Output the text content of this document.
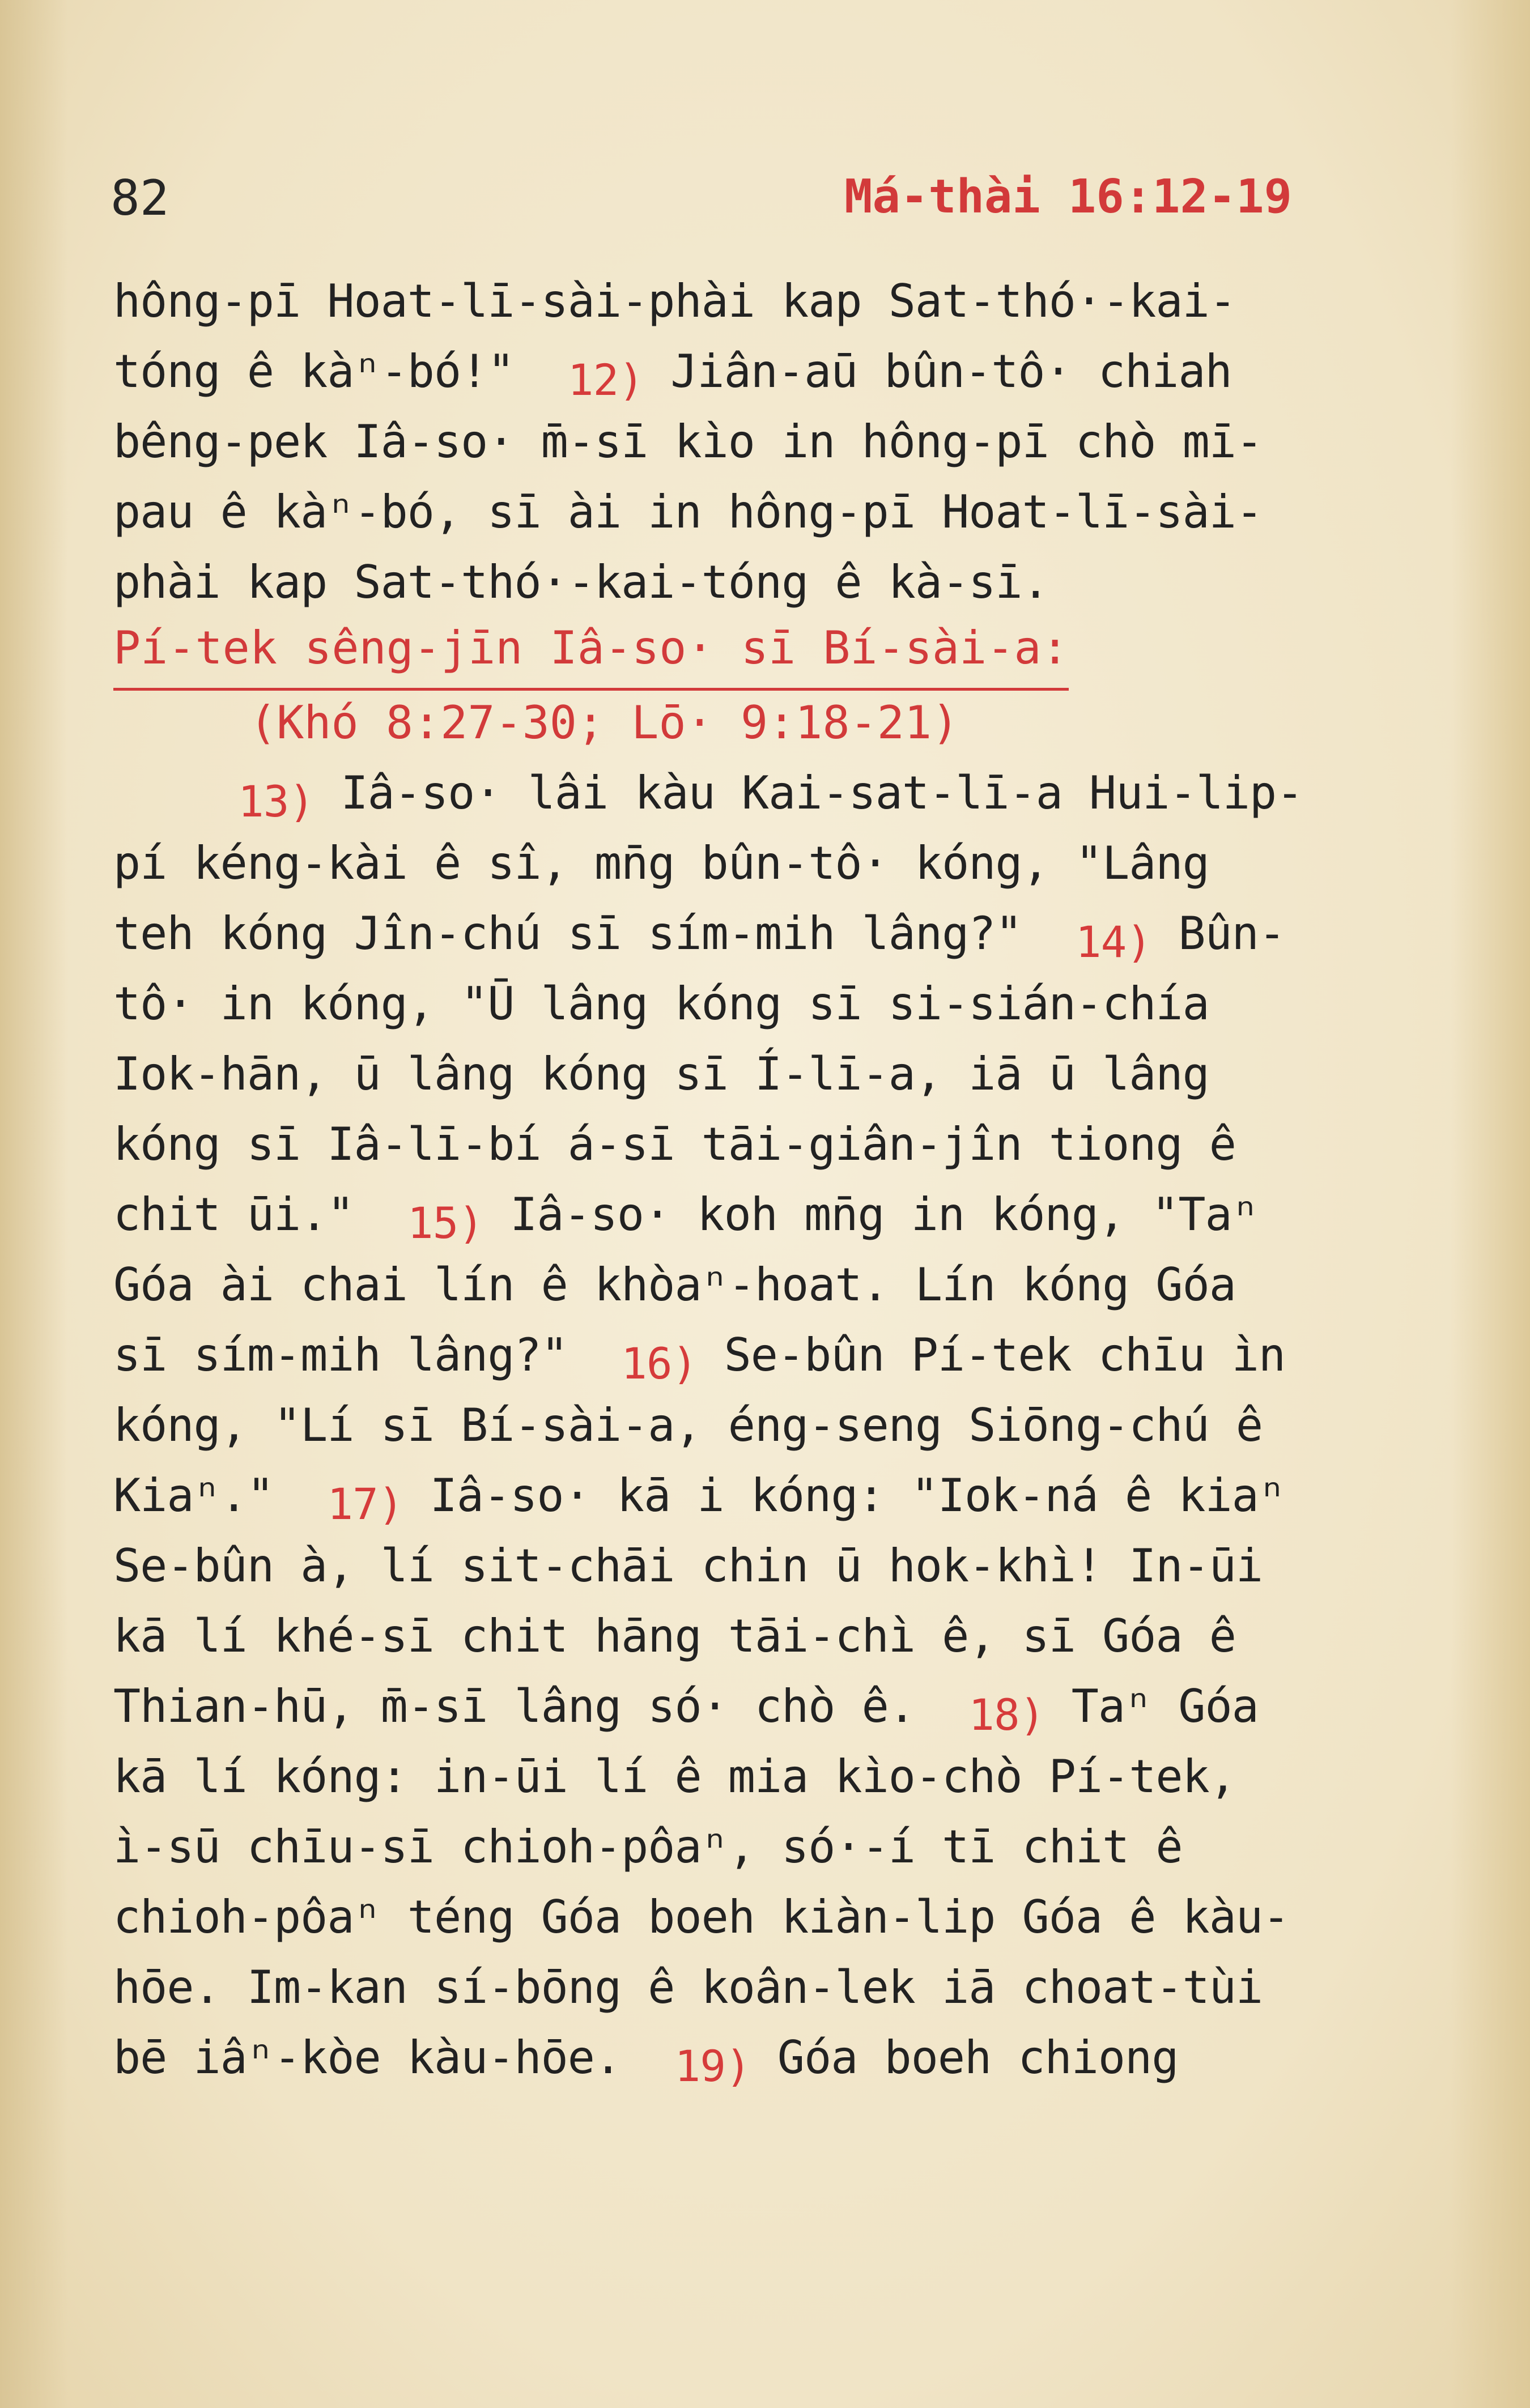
82	Má-thài 16:12-19
hông-pī Hoat-lī-sài-phài kap Sat-thó·-kai-
tóng ê kàⁿ-bó!"  12) Jiân-aū bûn-tô· chiah
bêng-pek Iâ-so· m̄-sī kìo in hông-pī chò mī-
pau ê kàⁿ-bó, sī ài in hông-pī Hoat-lī-sài-
phài kap Sat-thó·-kai-tóng ê kà-sī.
Pí-tek sêng-jīn Iâ-so· sī Bí-sài-a:
(Khó 8:27-30; Lō· 9:18-21)
13) Iâ-so· lâi kàu Kai-sat-lī-a Hui-lip-
pí kéng-kài ê sî, mn̄g bûn-tô· kóng, "Lâng
teh kóng Jîn-chú sī sím-mih lâng?"  14) Bûn-
tô· in kóng, "Ū lâng kóng sī si-sián-chía
Iok-hān, ū lâng kóng sī Í-lī-a, iā ū lâng
kóng sī Iâ-lī-bí á-sī tāi-giân-jîn tiong ê
chit ūi."  15) Iâ-so· koh mn̄g in kóng, "Taⁿ
Góa ài chai lín ê khòaⁿ-hoat. Lín kóng Góa
sī sím-mih lâng?"  16) Se-bûn Pí-tek chīu ìn
kóng, "Lí sī Bí-sài-a, éng-seng Siōng-chú ê
Kiaⁿ."  17) Iâ-so· kā i kóng: "Iok-ná ê kiaⁿ
Se-bûn à, lí sit-chāi chin ū hok-khì! In-ūi
kā lí khé-sī chit hāng tāi-chì ê, sī Góa ê
Thian-hū, m̄-sī lâng só· chò ê.  18) Taⁿ Góa
kā lí kóng: in-ūi lí ê mia kìo-chò Pí-tek,
ì-sū chīu-sī chioh-pôaⁿ, só·-í tī chit ê
chioh-pôaⁿ téng Góa boeh kiàn-lip Góa ê kàu-
hōe. Im-kan sí-bōng ê koân-lek iā choat-tùi
bē iâⁿ-kòe kàu-hōe.  19) Góa boeh chiong
